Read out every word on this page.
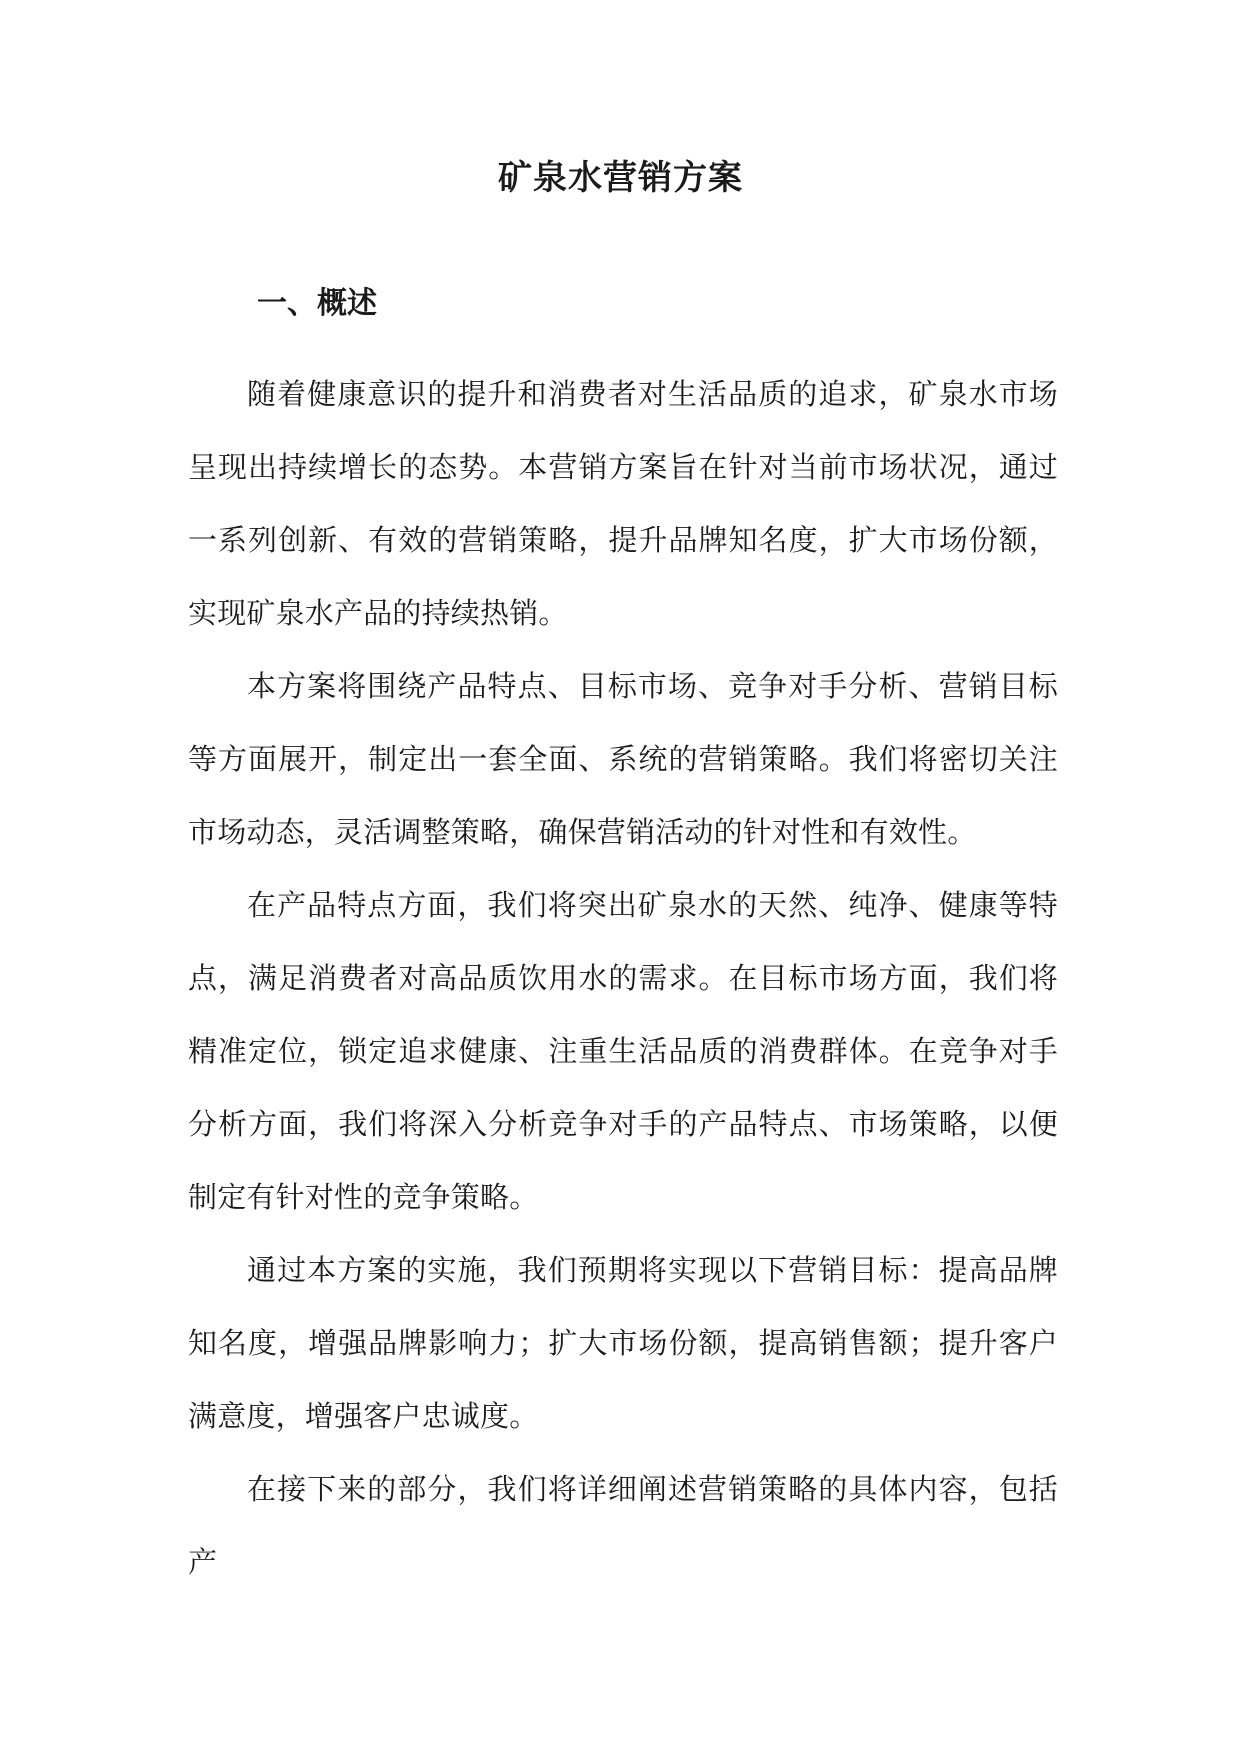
矿泉水营销方案
一、概述

随着健康意识的提升和消费者对生活品质的追求，矿泉水市场呈现出持续增长的态势。本营销方案旨在针对当前市场状况，通过一系列创新、有效的营销策略，提升品牌知名度，扩大市场份额，实现矿泉水产品的持续热销。

本方案将围绕产品特点、目标市场、竞争对手分析、营销目标等方面展开，制定出一套全面、系统的营销策略。我们将密切关注市场动态，灵活调整策略，确保营销活动的针对性和有效性。

在产品特点方面，我们将突出矿泉水的天然、纯净、健康等特点，满足消费者对高品质饮用水的需求。在目标市场方面，我们将精准定位，锁定追求健康、注重生活品质的消费群体。在竞争对手分析方面，我们将深入分析竞争对手的产品特点、市场策略，以便制定有针对性的竞争策略。

通过本方案的实施，我们预期将实现以下营销目标：提高品牌知名度，增强品牌影响力；扩大市场份额，提高销售额；提升客户满意度，增强客户忠诚度。

在接下来的部分，我们将详细阐述营销策略的具体内容，包括产
